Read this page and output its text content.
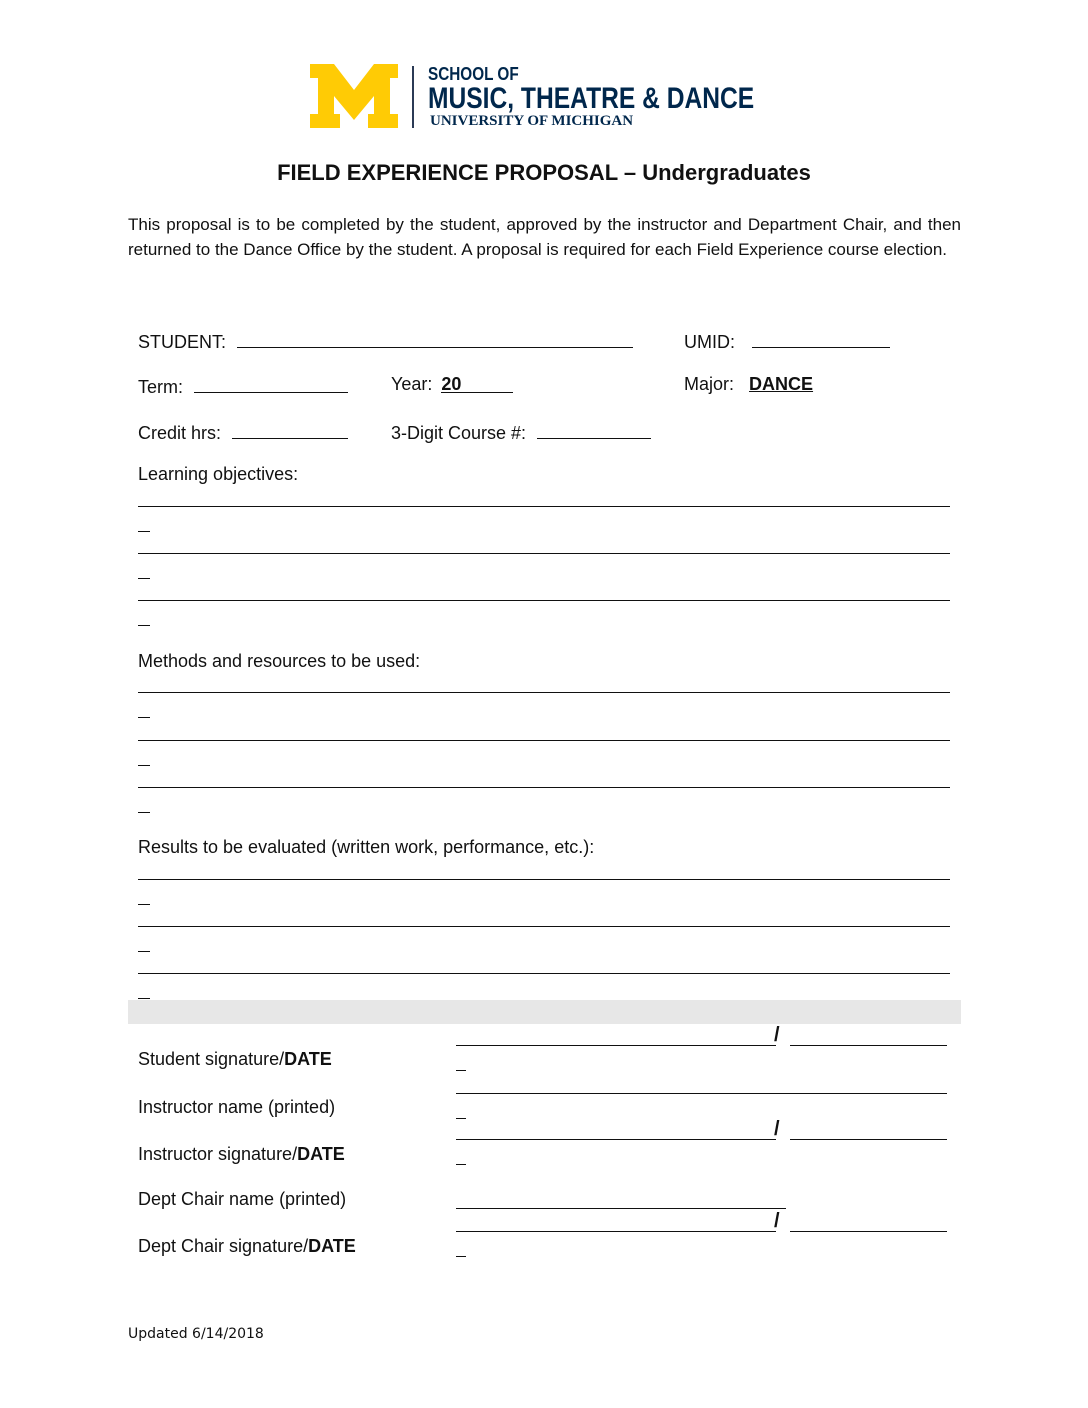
SCHOOL OF
MUSIC, THEATRE & DANCE
UNIVERSITY OF MICHIGAN
FIELD EXPERIENCE PROPOSAL – Undergraduates
This proposal is to be completed by the student, approved by the instructor and Department Chair, and then returned to the Dance Office by the student. A proposal is required for each Field Experience course election.
STUDENT:	UMID:
Term:	Year: 20	Major: DANCE
Credit hrs:	3-Digit Course #:
Learning objectives:
Methods and resources to be used:
Results to be evaluated (written work, performance, etc.):
Student signature/DATE
/
Instructor name (printed)
Instructor signature/DATE
/
Dept Chair name (printed)
/
Dept Chair signature/DATE
Updated 6/14/2018
